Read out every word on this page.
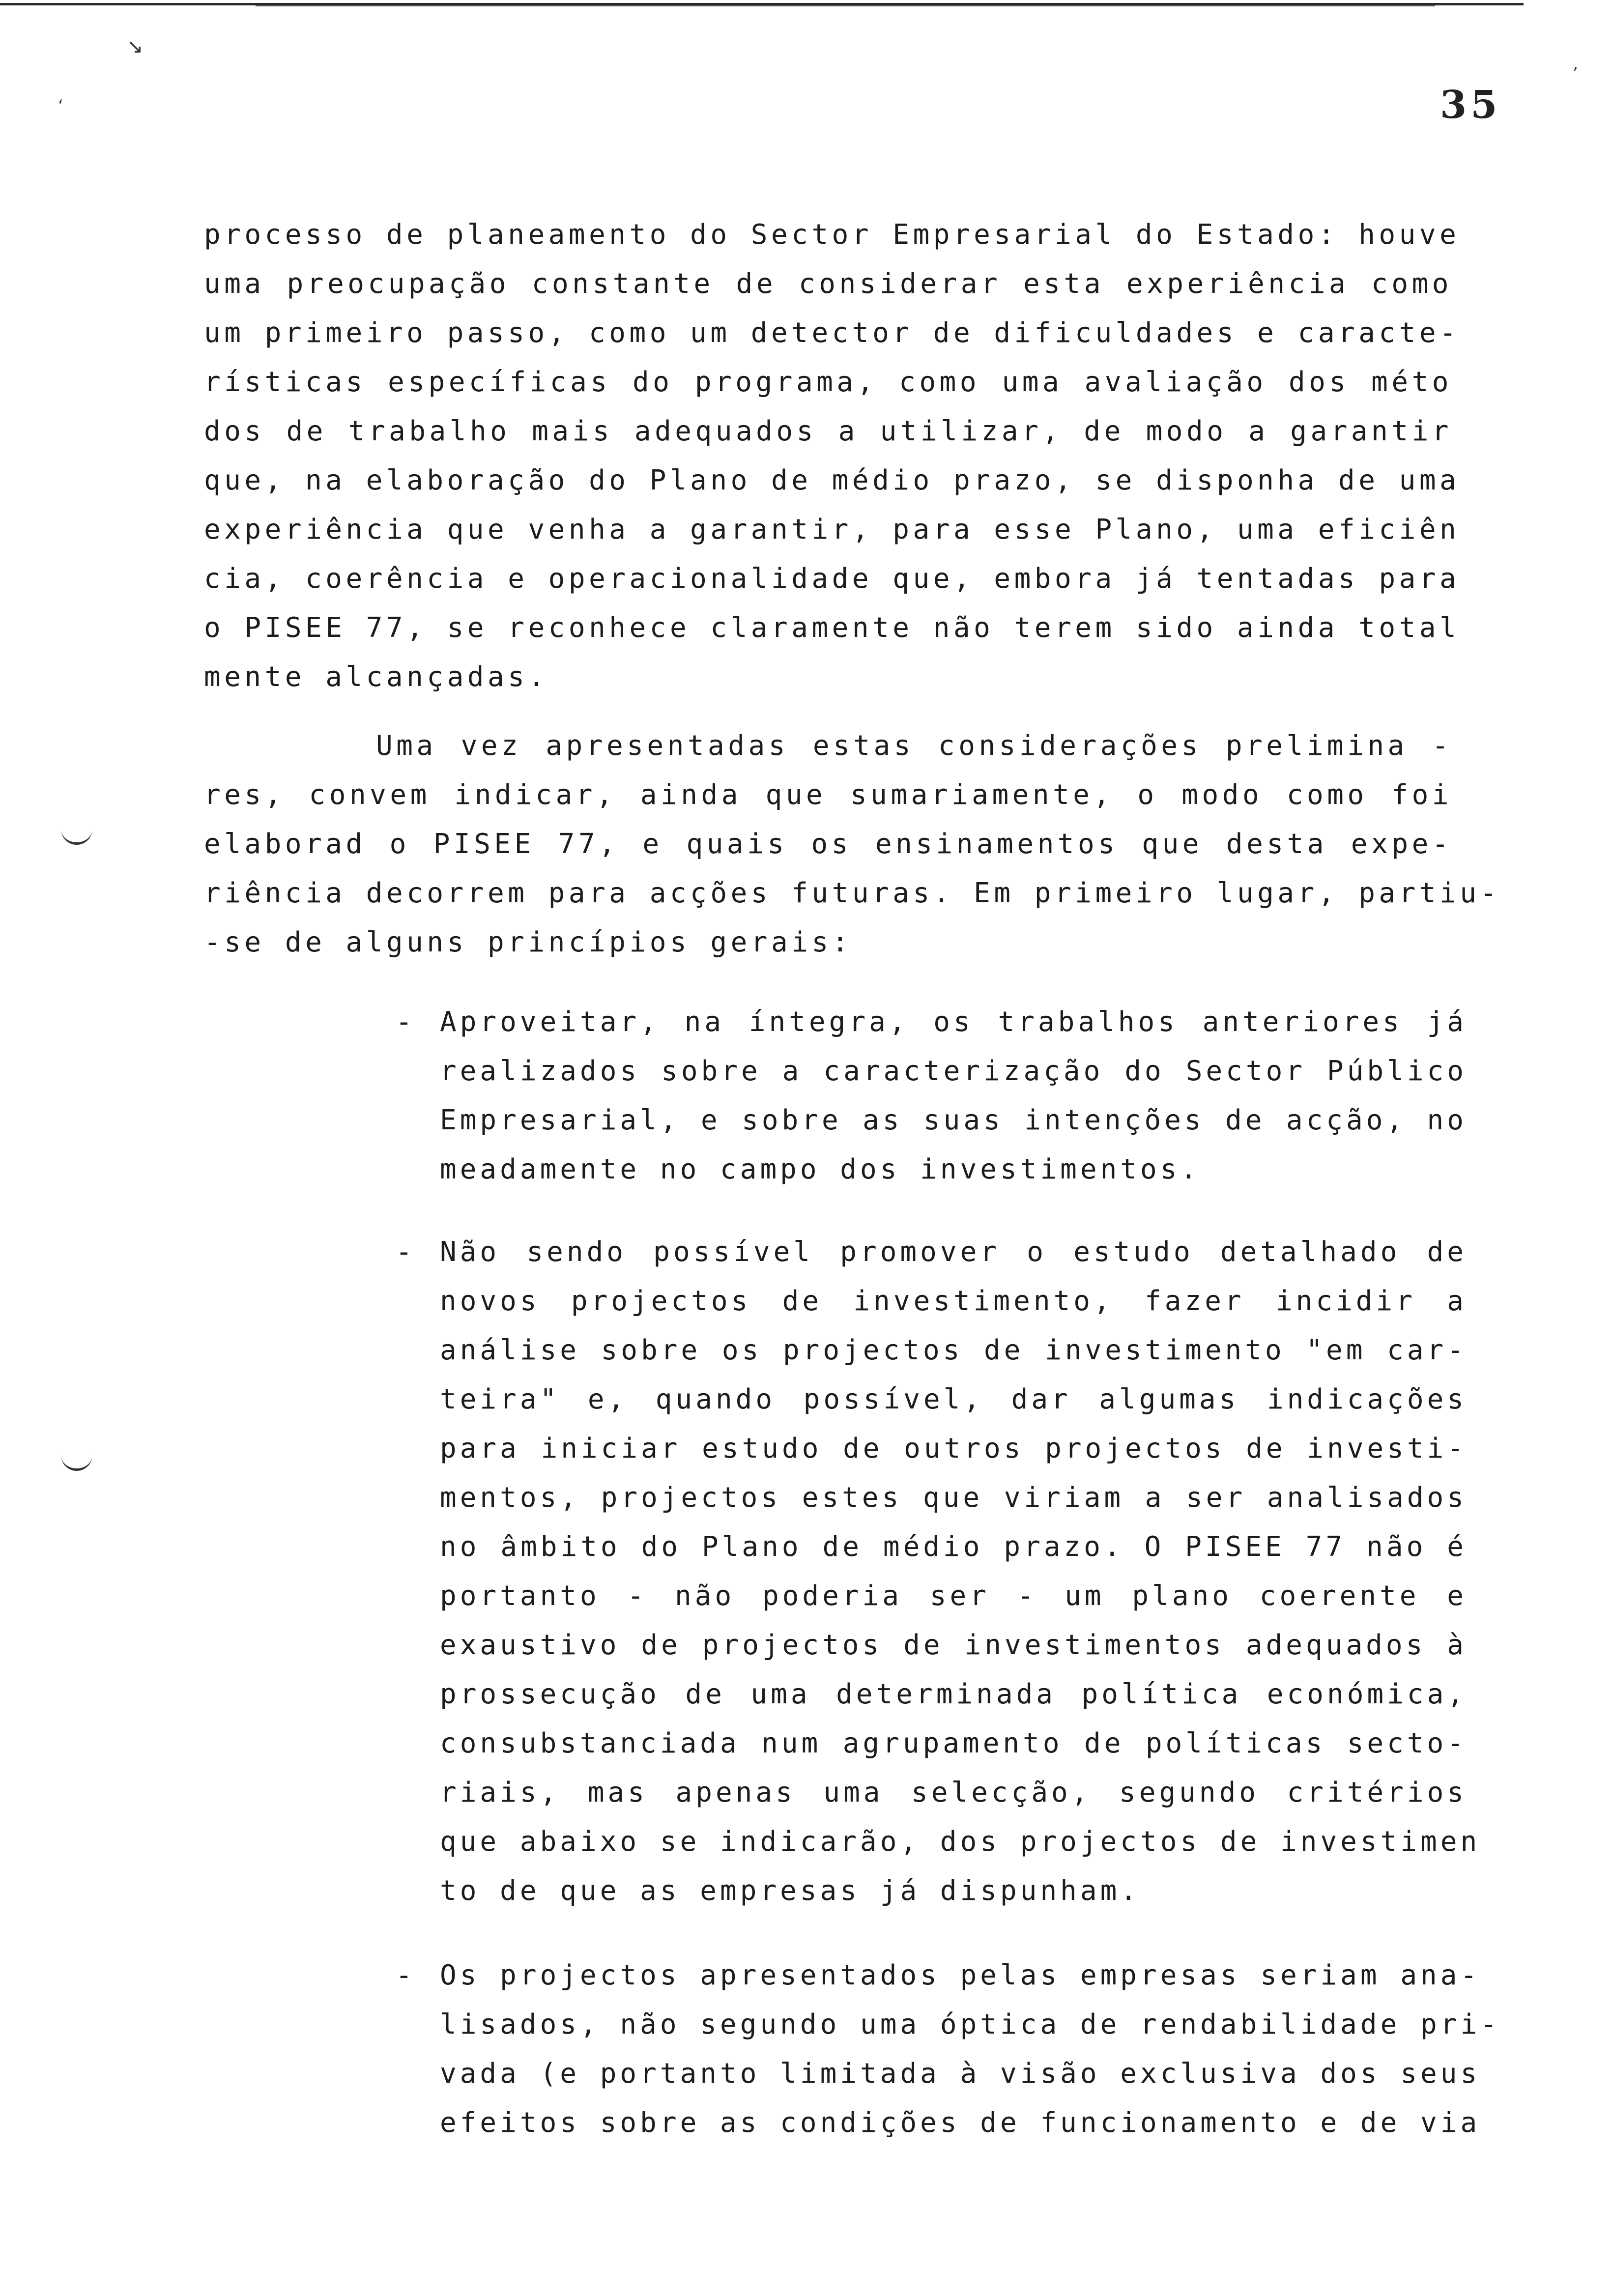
↘
‘
’
35
processo de planeamento do Sector Empresarial do Estado: houve
uma preocupação constante de considerar esta experiência como
um primeiro passo, como um detector de dificuldades e caracte-
rísticas específicas do programa, como uma avaliação dos méto
dos de trabalho mais adequados a utilizar, de modo a garantir
que, na elaboração do Plano de médio prazo, se disponha de uma
experiência que venha a garantir, para esse Plano, uma eficiên
cia, coerência e operacionalidade que, embora já tentadas para
o PISEE 77, se reconhece claramente não terem sido ainda total
mente alcançadas.
Uma vez apresentadas estas considerações prelimina -
res, convem indicar, ainda que sumariamente, o modo como foi
elaborad o PISEE 77, e quais os ensinamentos que desta expe-
riência decorrem para acções futuras. Em primeiro lugar, partiu-
-se de alguns princípios gerais:
- Aproveitar, na íntegra, os trabalhos anteriores já
realizados sobre a caracterização do Sector Público
Empresarial, e sobre as suas intenções de acção, no
meadamente no campo dos investimentos.
- Não sendo possível promover o estudo detalhado de
novos projectos de investimento, fazer incidir a
análise sobre os projectos de investimento "em car-
teira" e, quando possível, dar algumas indicações
para iniciar estudo de outros projectos de investi-
mentos, projectos estes que viriam a ser analisados
no âmbito do Plano de médio prazo. O PISEE 77 não é
portanto - não poderia ser - um plano coerente e
exaustivo de projectos de investimentos adequados à
prossecução de uma determinada política económica,
consubstanciada num agrupamento de políticas secto-
riais, mas apenas uma selecção, segundo critérios
que abaixo se indicarão, dos projectos de investimen
to de que as empresas já dispunham.
- Os projectos apresentados pelas empresas seriam ana-
lisados, não segundo uma óptica de rendabilidade pri-
vada (e portanto limitada à visão exclusiva dos seus
efeitos sobre as condições de funcionamento e de via
